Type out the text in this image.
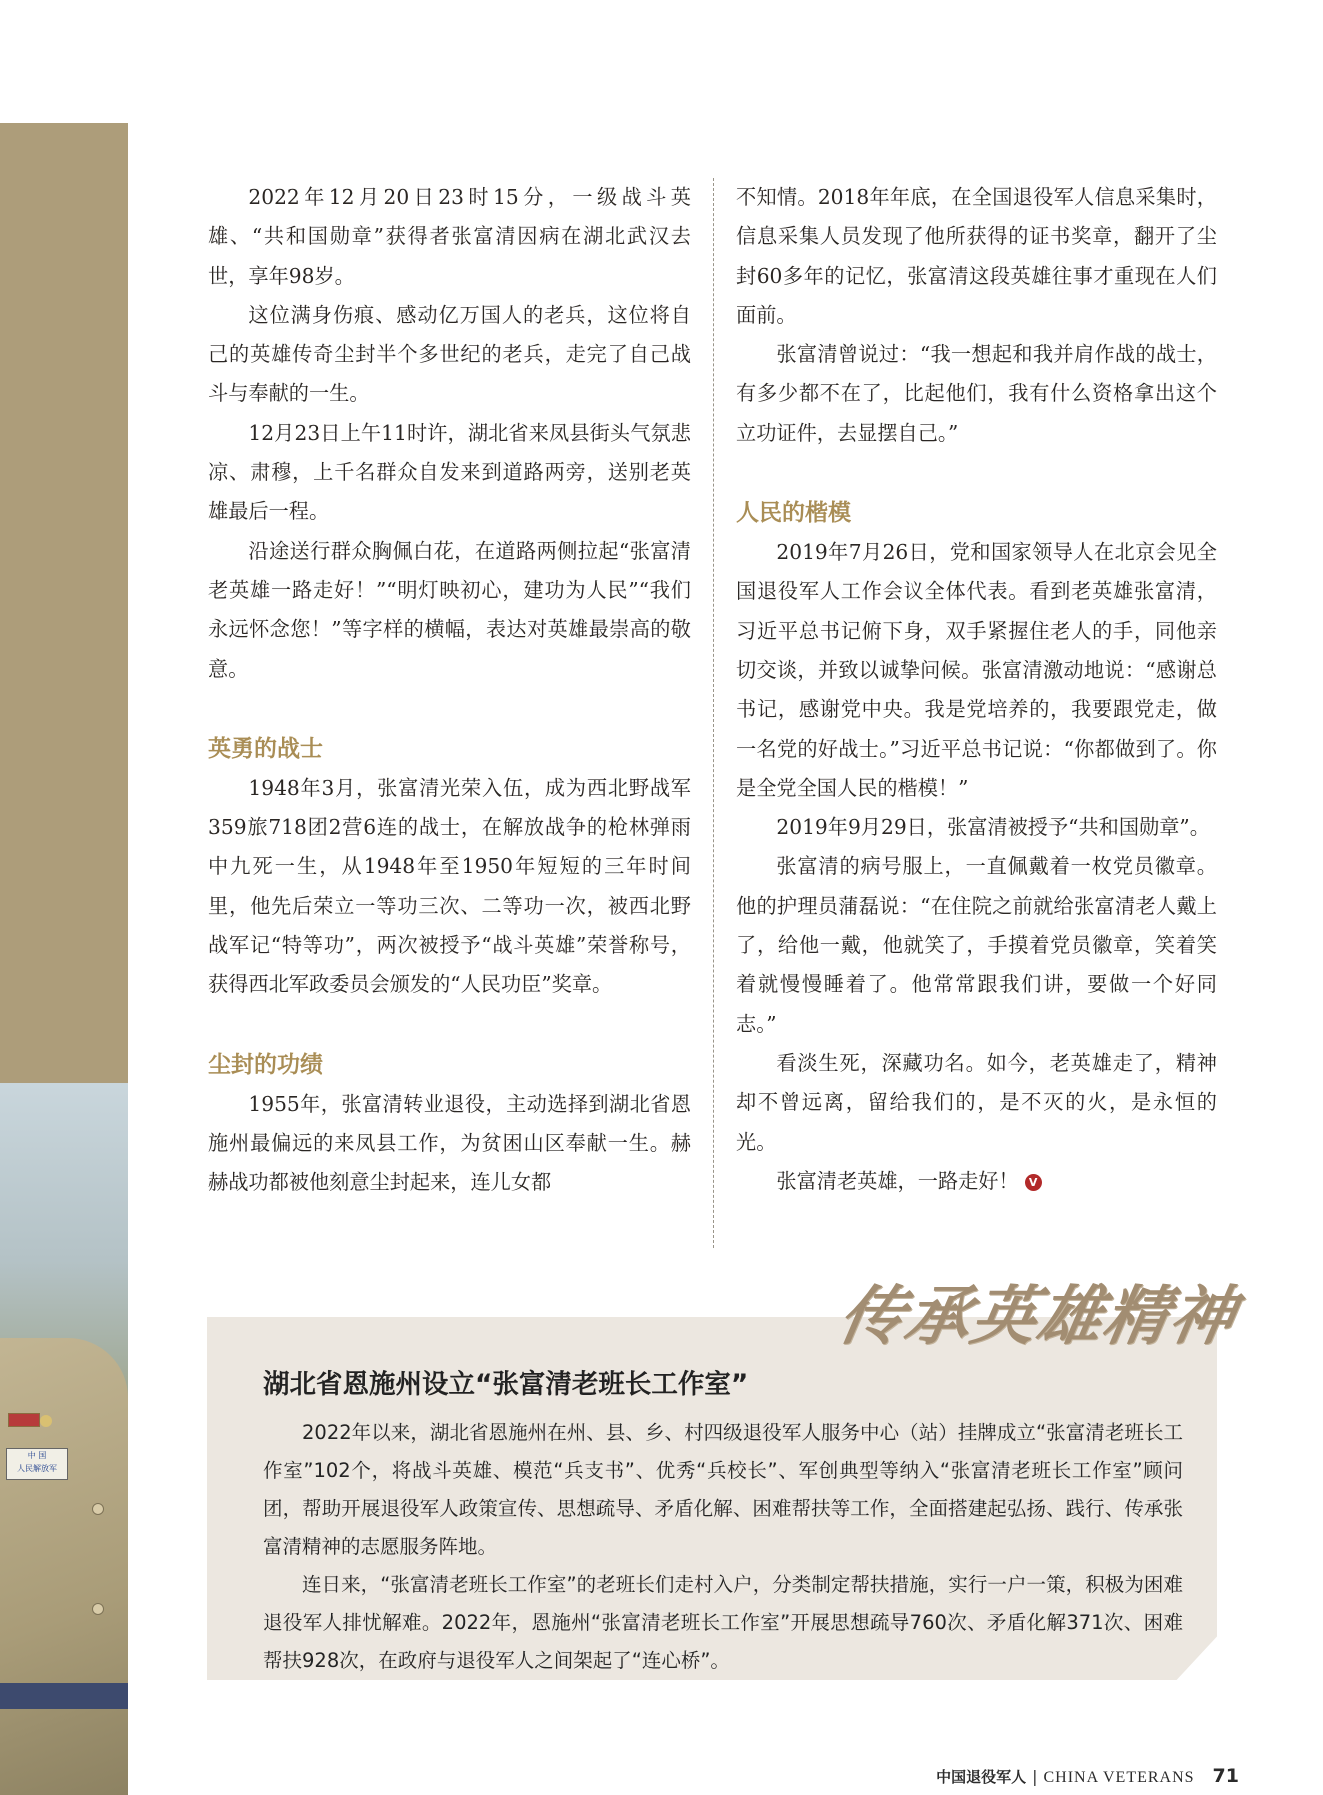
中 国
人民解放军

2022年12月20日23时15分，一级战斗英雄、“共和国勋章”获得者张富清因病在湖北武汉去世，享年98岁。

这位满身伤痕、感动亿万国人的老兵，这位将自己的英雄传奇尘封半个多世纪的老兵，走完了自己战斗与奉献的一生。

12月23日上午11时许，湖北省来凤县街头气氛悲凉、肃穆，上千名群众自发来到道路两旁，送别老英雄最后一程。

沿途送行群众胸佩白花，在道路两侧拉起“张富清老英雄一路走好！”“明灯映初心，建功为人民”“我们永远怀念您！”等字样的横幅，表达对英雄最崇高的敬意。

英勇的战士

1948年3月，张富清光荣入伍，成为西北野战军359旅718团2营6连的战士，在解放战争的枪林弹雨中九死一生，从1948年至1950年短短的三年时间里，他先后荣立一等功三次、二等功一次，被西北野战军记“特等功”，两次被授予“战斗英雄”荣誉称号，获得西北军政委员会颁发的“人民功臣”奖章。

尘封的功绩

1955年，张富清转业退役，主动选择到湖北省恩施州最偏远的来凤县工作，为贫困山区奉献一生。赫赫战功都被他刻意尘封起来，连儿女都

不知情。2018年年底，在全国退役军人信息采集时，信息采集人员发现了他所获得的证书奖章，翻开了尘封60多年的记忆，张富清这段英雄往事才重现在人们面前。

张富清曾说过：“我一想起和我并肩作战的战士，有多少都不在了，比起他们，我有什么资格拿出这个立功证件，去显摆自己。”

人民的楷模

2019年7月26日，党和国家领导人在北京会见全国退役军人工作会议全体代表。看到老英雄张富清，习近平总书记俯下身，双手紧握住老人的手，同他亲切交谈，并致以诚挚问候。张富清激动地说：“感谢总书记，感谢党中央。我是党培养的，我要跟党走，做一名党的好战士。”习近平总书记说：“你都做到了。你是全党全国人民的楷模！”

2019年9月29日，张富清被授予“共和国勋章”。

张富清的病号服上，一直佩戴着一枚党员徽章。他的护理员蒲磊说：“在住院之前就给张富清老人戴上了，给他一戴，他就笑了，手摸着党员徽章，笑着笑着就慢慢睡着了。他常常跟我们讲，要做一个好同志。”

看淡生死，深藏功名。如今，老英雄走了，精神却不曾远离，留给我们的，是不灭的火，是永恒的光。

张富清老英雄，一路走好！ V

传承英雄精神
湖北省恩施州设立“张富清老班长工作室”

2022年以来，湖北省恩施州在州、县、乡、村四级退役军人服务中心（站）挂牌成立“张富清老班长工作室”102个，将战斗英雄、模范“兵支书”、优秀“兵校长”、军创典型等纳入“张富清老班长工作室”顾问团，帮助开展退役军人政策宣传、思想疏导、矛盾化解、困难帮扶等工作，全面搭建起弘扬、践行、传承张富清精神的志愿服务阵地。

连日来，“张富清老班长工作室”的老班长们走村入户，分类制定帮扶措施，实行一户一策，积极为困难退役军人排忧解难。2022年，恩施州“张富清老班长工作室”开展思想疏导760次、矛盾化解371次、困难帮扶928次，在政府与退役军人之间架起了“连心桥”。

中国退役军人 | CHINA VETERANS 71
